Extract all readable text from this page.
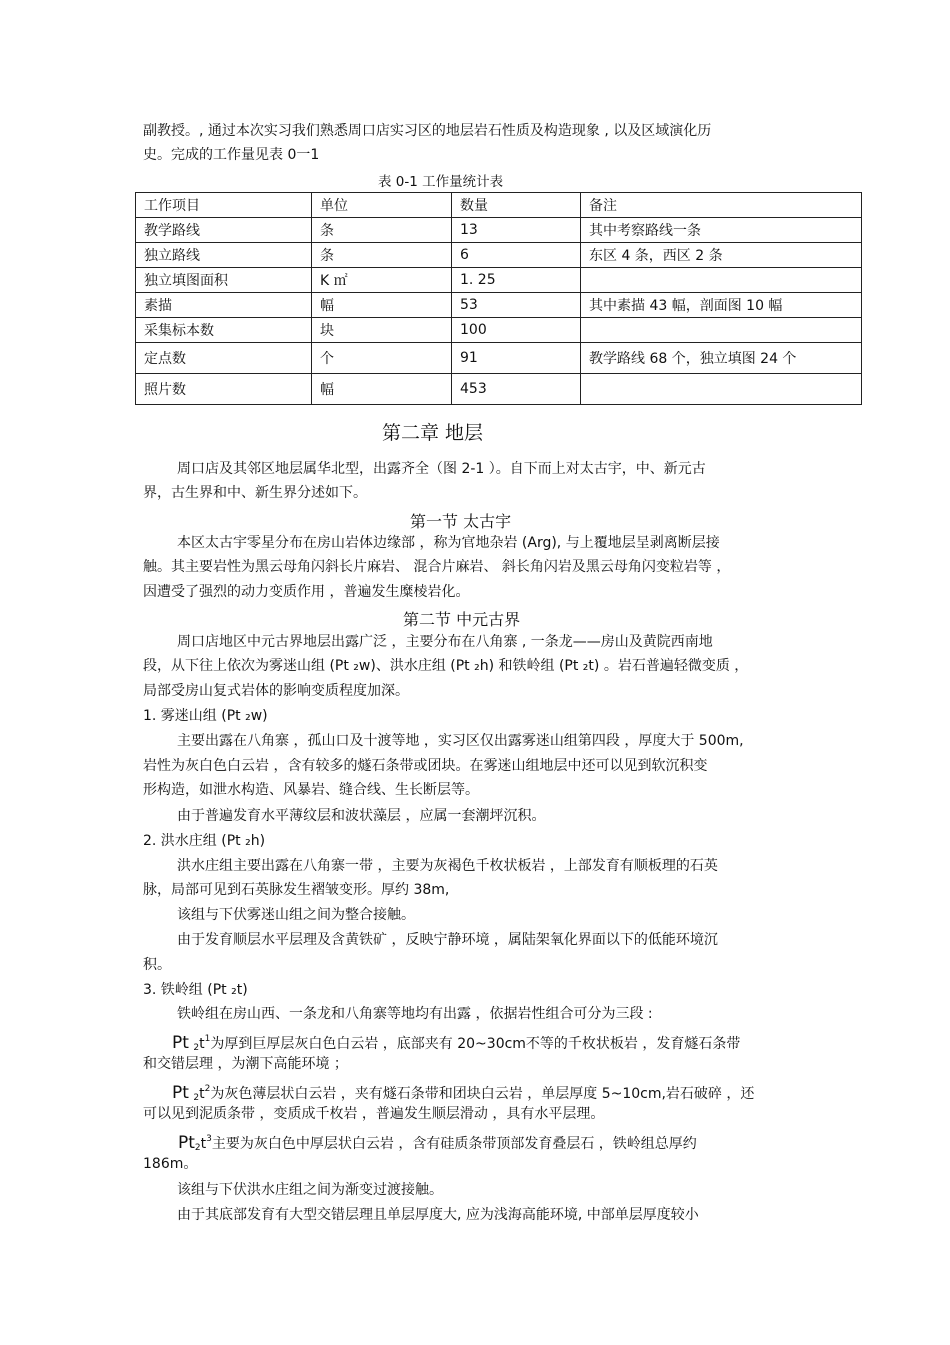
副教授。, 通过本次实习我们熟悉周口店实习区的地层岩石性质及构造现象 , 以及区域演化历
史。完成的工作量见表 0一1
表 0-1 工作量统计表
工作项目	单位	数量	备注
教学路线	条	13	其中考察路线一条
独立路线	条	6	东区 4 条，西区 2 条
独立填图面积	K ㎡	1. 25	
素描	幅	53	其中素描 43 幅，剖面图 10 幅
采集标本数	块	100	
定点数	个	91	教学路线 68 个，独立填图 24 个
照片数	幅	453	
第二章 地层
周口店及其邻区地层属华北型，出露齐全（图 2-1 ）。自下而上对太古宇，中、新元古
界，古生界和中、新生界分述如下。
第一节 太古宇
本区太古宇零星分布在房山岩体边缘部 ，称为官地杂岩 (Arg), 与上覆地层呈剥离断层接
触。其主要岩性为黑云母角闪斜长片麻岩、 混合片麻岩、 斜长角闪岩及黑云母角闪变粒岩等 ，
因遭受了强烈的动力变质作用 ，普遍发生糜棱岩化。
第二节 中元古界
周口店地区中元古界地层出露广泛 ，主要分布在八角寨 , 一条龙——房山及黄院西南地
段，从下往上依次为雾迷山组 (Pt ₂w)、洪水庄组 (Pt ₂h) 和铁岭组 (Pt ₂t) 。岩石普遍轻微变质 ，
局部受房山复式岩体的影响变质程度加深。
1. 雾迷山组 (Pt ₂w)
主要出露在八角寨 ，孤山口及十渡等地 ，实习区仅出露雾迷山组第四段 ，厚度大于 500m,
岩性为灰白色白云岩 ，含有较多的燧石条带或团块。在雾迷山组地层中还可以见到软沉积变
形构造，如泄水构造、风暴岩、缝合线、生长断层等。
由于普遍发育水平薄纹层和波状藻层 ，应属一套潮坪沉积。
2. 洪水庄组 (Pt ₂h)
洪水庄组主要出露在八角寨一带 ，主要为灰褐色千枚状板岩 ，上部发育有顺板理的石英
脉，局部可见到石英脉发生褶皱变形。厚约 38m,
该组与下伏雾迷山组之间为整合接触。
由于发育顺层水平层理及含黄铁矿 ，反映宁静环境 ，属陆架氧化界面以下的低能环境沉
积。
3. 铁岭组 (Pt ₂t)
铁岭组在房山西、一条龙和八角寨等地均有出露 ，依据岩性组合可分为三段 :
Pt $_2t^1$为厚到巨厚层灰白色白云岩 ，底部夹有 20~30cm不等的千枚状板岩 ，发育燧石条带
和交错层理 ，为潮下高能环境 ；
Pt $_2t^2$为灰色薄层状白云岩 ，夹有燧石条带和团块白云岩 ，单层厚度 5~10cm,岩石破碎 ，还
可以见到泥质条带 ，变质成千枚岩 ，普遍发生顺层滑动 ，具有水平层理。
$Pt_2t^3$主要为灰白色中厚层状白云岩 ，含有硅质条带顶部发育叠层石 ，铁岭组总厚约
186m。
该组与下伏洪水庄组之间为渐变过渡接触。
由于其底部发育有大型交错层理且单层厚度大, 应为浅海高能环境, 中部单层厚度较小
